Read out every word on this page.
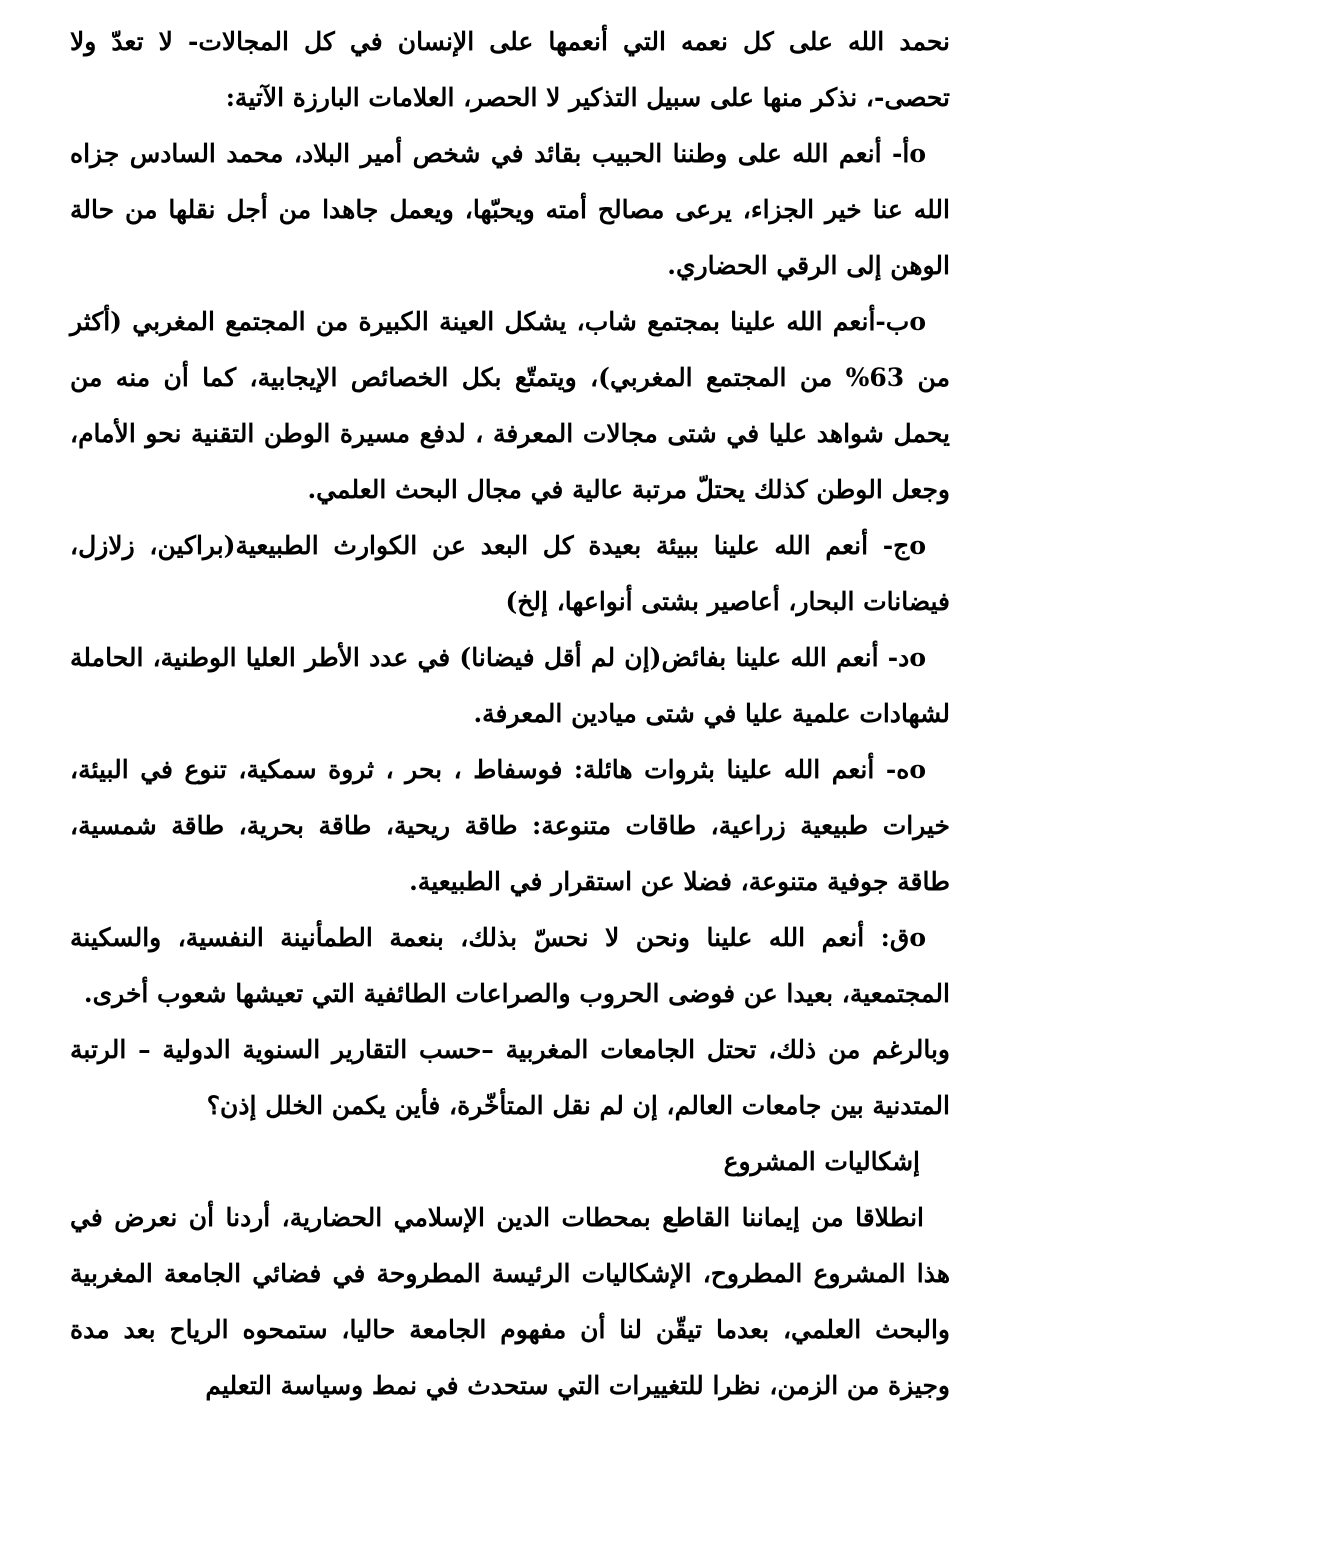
نحمد الله على كل نعمه التي أنعمها على الإنسان في كل المجالات- لا تعدّ ولا تحصى-، نذكر منها على سبيل التذكير لا الحصر، العلامات البارزة الآتية:

oأ- أنعم الله على وطننا الحبيب بقائد في شخص أمير البلاد، محمد السادس جزاه الله عنا خير الجزاء، يرعى مصالح أمته ويحبّها، ويعمل جاهدا من أجل نقلها من حالة الوهن إلى الرقي الحضاري.

oب-أنعم الله علينا بمجتمع شاب، يشكل العينة الكبيرة من المجتمع المغربي (أكثر من 63% من المجتمع المغربي)، ويتمتّع بكل الخصائص الإيجابية، كما أن منه من يحمل شواهد عليا في شتى مجالات المعرفة ، لدفع مسيرة الوطن التقنية نحو الأمام، وجعل الوطن كذلك يحتلّ مرتبة عالية في مجال البحث العلمي.

oج- أنعم الله علينا ببيئة بعيدة كل البعد عن الكوارث الطبيعية(براكين، زلازل، فيضانات البحار، أعاصير بشتى أنواعها، إلخ)

oد- أنعم الله علينا بفائض(إن لم أقل فيضانا) في عدد الأطر العليا الوطنية، الحاملة لشهادات علمية عليا في شتى ميادين المعرفة.

oه- أنعم الله علينا بثروات هائلة: فوسفاط ، بحر ، ثروة سمكية، تنوع في البيئة، خيرات طبيعية زراعية، طاقات متنوعة: طاقة ريحية، طاقة بحرية، طاقة شمسية، طاقة جوفية متنوعة، فضلا عن استقرار في الطبيعية.

oق: أنعم الله علينا ونحن لا نحسّ بذلك، بنعمة الطمأنينة النفسية، والسكينة المجتمعية، بعيدا عن فوضى الحروب والصراعات الطائفية التي تعيشها شعوب أخرى.

وبالرغم من ذلك، تحتل الجامعات المغربية –حسب التقارير السنوية الدولية – الرتبة المتدنية بين جامعات العالم، إن لم نقل المتأخّرة، فأين يكمن الخلل إذن؟

إشكاليات المشروع

انطلاقا من إيماننا القاطع بمحطات الدين الإسلامي الحضارية، أردنا أن نعرض في هذا المشروع المطروح، الإشكاليات الرئيسة المطروحة في فضائي الجامعة المغربية والبحث العلمي، بعدما تيقّن لنا أن مفهوم الجامعة حاليا، ستمحوه الرياح بعد مدة وجيزة من الزمن، نظرا للتغييرات التي ستحدث في نمط وسياسة التعليم
